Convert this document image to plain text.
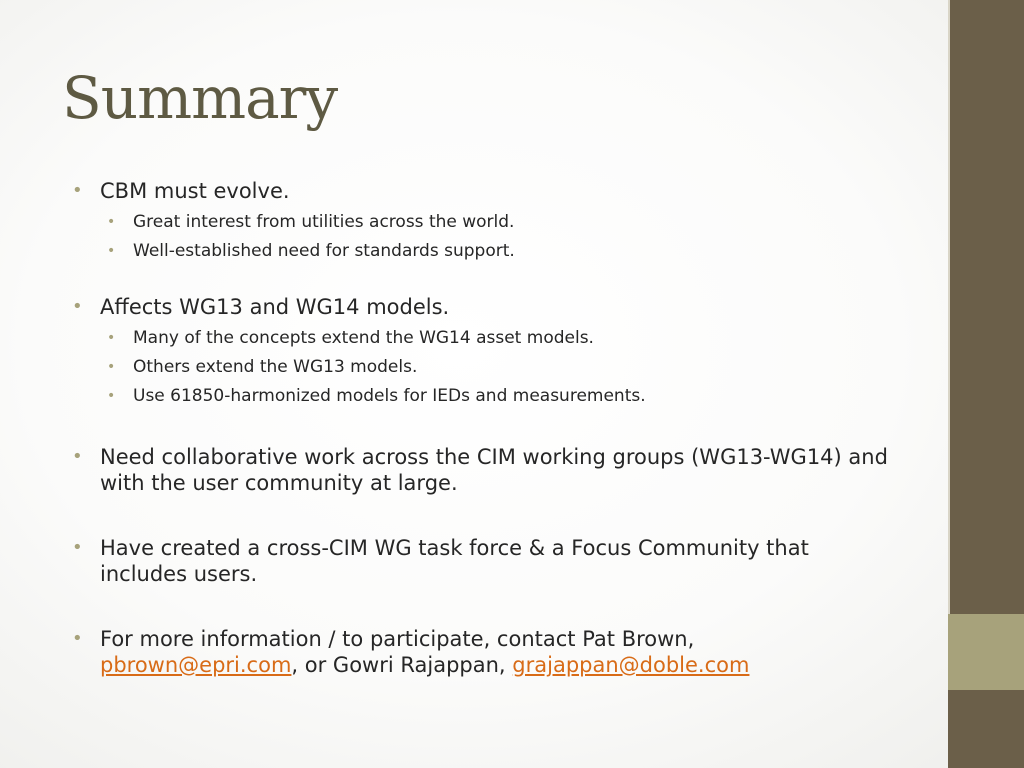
Summary
• CBM must evolve.
• Great interest from utilities across the world.
• Well-established need for standards support.
• Affects WG13 and WG14 models.
• Many of the concepts extend the WG14 asset models.
• Others extend the WG13 models.
• Use 61850-harmonized models for IEDs and measurements.
• Need collaborative work across the CIM working groups (WG13-WG14) and with the user community at large.
• Have created a cross-CIM WG task force & a Focus Community that includes users.
• For more information / to participate, contact Pat Brown,
pbrown@epri.com, or Gowri Rajappan, grajappan@doble.com
